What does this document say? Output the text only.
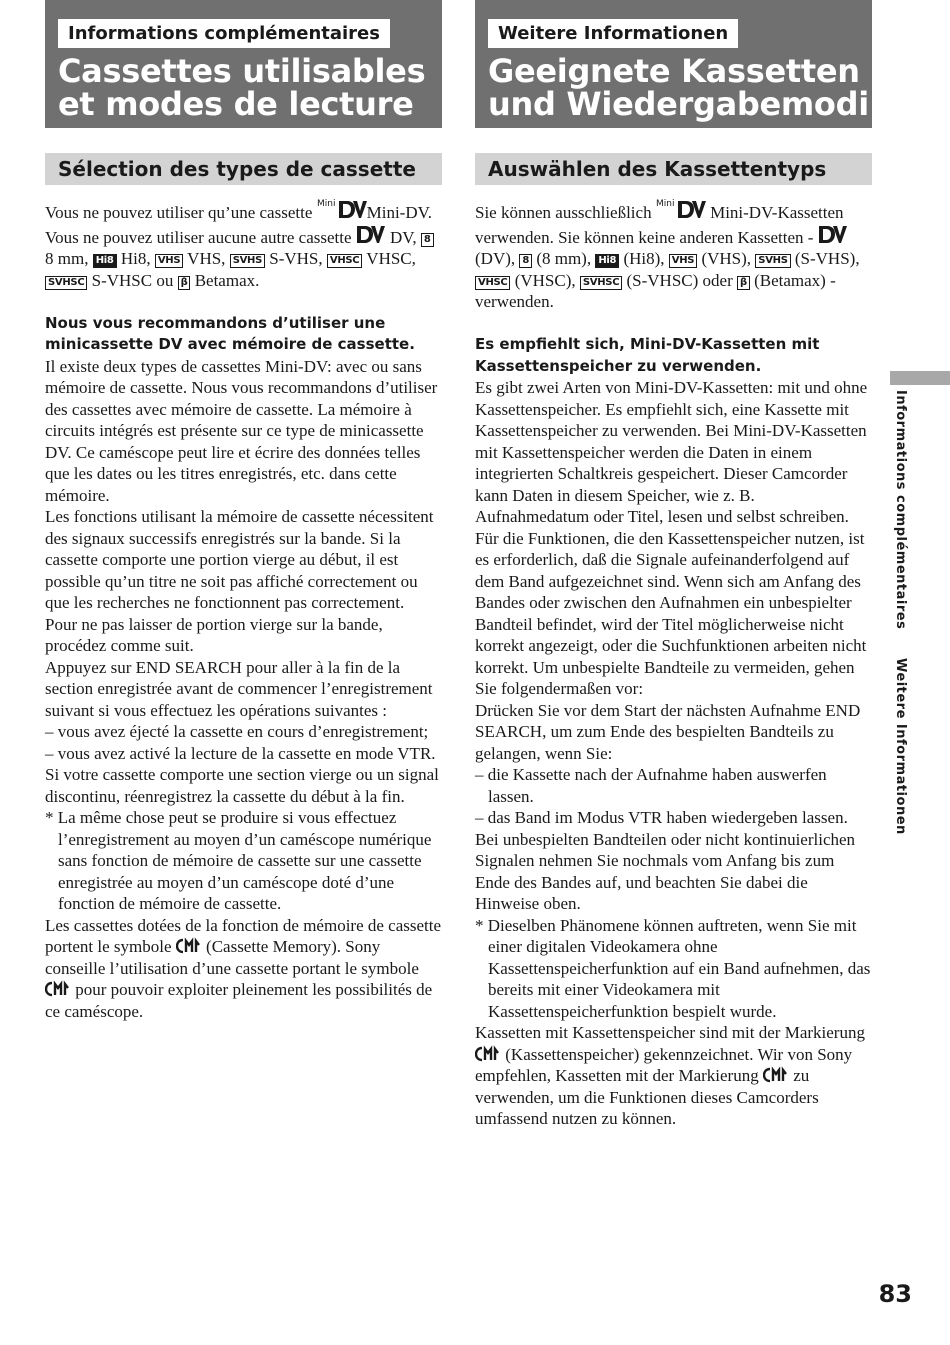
Informations complémentaires
Cassettes utilisables
et modes de lecture
Sélection des types de cassette

Vous ne pouvez utiliser qu’une cassette Mini Mini-DV. Vous ne pouvez utiliser aucune autre cassette  DV, 8 8 mm, Hi8 Hi8, VHS VHS, SVHS S-VHS, VHSC VHSC, SVHSC S-VHSC ou β Betamax.

Nous vous recommandons d’utiliser une minicassette DV avec mémoire de cassette.

Il existe deux types de cassettes Mini-DV: avec ou sans mémoire de cassette. Nous vous recommandons d’utiliser des cassettes avec mémoire de cassette. La mémoire à circuits intégrés est présente sur ce type de minicassette DV. Ce caméscope peut lire et écrire des données telles que les dates ou les titres enregistrés, etc. dans cette mémoire.

Les fonctions utilisant la mémoire de cassette nécessitent des signaux successifs enregistrés sur la bande. Si la cassette comporte une portion vierge au début, il est possible qu’un titre ne soit pas affiché correctement ou que les recherches ne fonctionnent pas correctement.

Pour ne pas laisser de portion vierge sur la bande, procédez comme suit.

Appuyez sur END SEARCH pour aller à la fin de la section enregistrée avant de commencer l’enregistrement suivant si vous effectuez les opérations suivantes :

– vous avez éjecté la cassette en cours d’enregistrement;

– vous avez activé la lecture de la cassette en mode VTR.

Si votre cassette comporte une section vierge ou un signal discontinu, réenregistrez la cassette du début à la fin.

* La même chose peut se produire si vous effectuez l’enregistrement au moyen d’un caméscope numérique sans fonction de mémoire de cassette sur une cassette enregistrée au moyen d’un caméscope doté d’une fonction de mémoire de cassette.

Les cassettes dotées de la fonction de mémoire de cassette portent le symbole  (Cassette Memory). Sony conseille l’utilisation d’une cassette portant le symbole  pour pouvoir exploiter pleinement les possibilités de ce caméscope.

Weitere Informationen
Geeignete Kassetten
und Wiedergabemodi
Auswählen des Kassettentyps

Sie können ausschließlich Mini Mini-DV-Kassetten verwenden. Sie können keine anderen Kassetten -  (DV), 8 (8 mm), Hi8 (Hi8), VHS (VHS), SVHS (S-VHS), VHSC (VHSC), SVHSC (S-VHSC) oder β (Betamax) - verwenden.

Es empfiehlt sich, Mini-DV-Kassetten mit Kassettenspeicher zu verwenden.

Es gibt zwei Arten von Mini-DV-Kassetten: mit und ohne Kassettenspeicher. Es empfiehlt sich, eine Kassette mit Kassettenspeicher zu verwenden. Bei Mini-DV-Kassetten mit Kassettenspeicher werden die Daten in einem integrierten Schaltkreis gespeichert. Dieser Camcorder kann Daten in diesem Speicher, wie z. B. Aufnahmedatum oder Titel, lesen und selbst schreiben. Für die Funktionen, die den Kassettenspeicher nutzen, ist es erforderlich, daß die Signale aufeinanderfolgend auf dem Band aufgezeichnet sind. Wenn sich am Anfang des Bandes oder zwischen den Aufnahmen ein unbespielter Bandteil befindet, wird der Titel möglicherweise nicht korrekt angezeigt, oder die Suchfunktionen arbeiten nicht korrekt. Um unbespielte Bandteile zu vermeiden, gehen Sie folgendermaßen vor:

Drücken Sie vor dem Start der nächsten Aufnahme END SEARCH, um zum Ende des bespielten Bandteils zu gelangen, wenn Sie:

– die Kassette nach der Aufnahme haben auswerfen lassen.

– das Band im Modus VTR haben wiedergeben lassen.

Bei unbespielten Bandteilen oder nicht kontinuierlichen Signalen nehmen Sie nochmals vom Anfang bis zum Ende des Bandes auf, und beachten Sie dabei die Hinweise oben.

* Dieselben Phänomene können auftreten, wenn Sie mit einer digitalen Videokamera ohne Kassettenspeicherfunktion auf ein Band aufnehmen, das bereits mit einer Videokamera mit Kassettenspeicherfunktion bespielt wurde.

Kassetten mit Kassettenspeicher sind mit der Markierung  (Kassettenspeicher) gekennzeichnet. Wir von Sony empfehlen, Kassetten mit der Markierung  zu verwenden, um die Funktionen dieses Camcorders umfassend nutzen zu können.

Informations complémentaires
Weitere Informationen
83
